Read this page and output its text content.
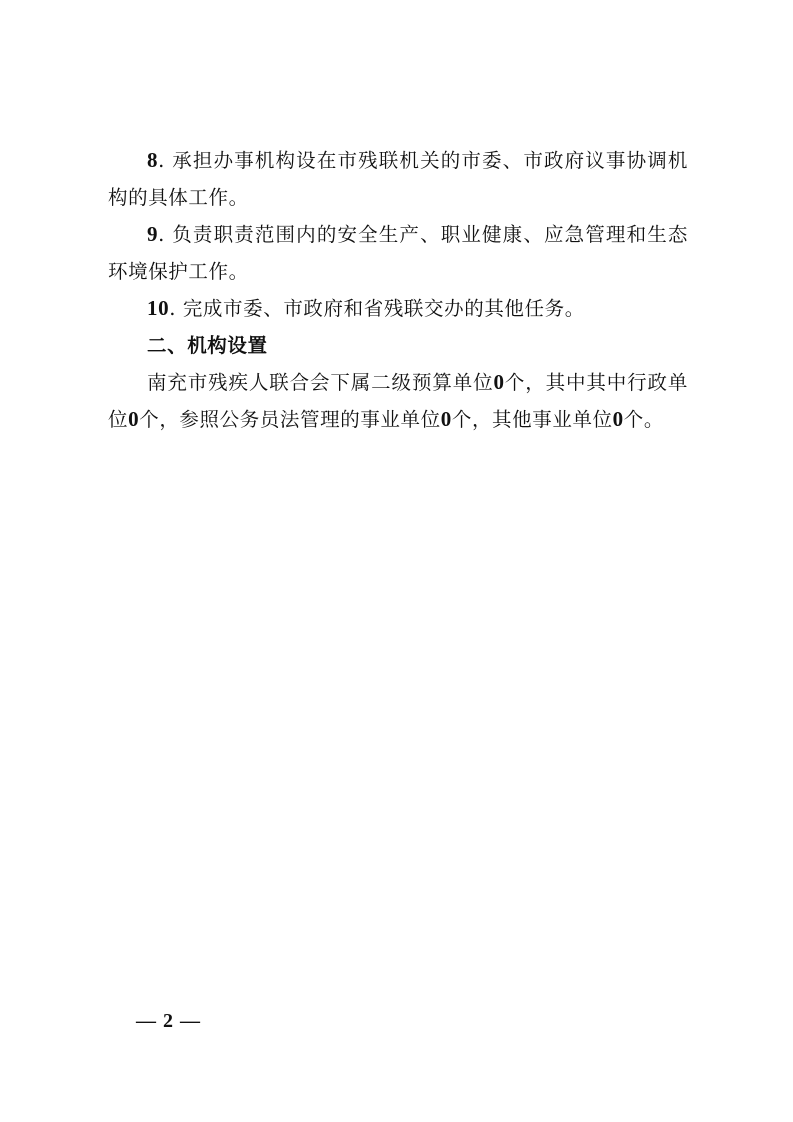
8. 承担办事机构设在市残联机关的市委、市政府议事协调机构的具体工作。

9. 负责职责范围内的安全生产、职业健康、应急管理和生态环境保护工作。

10. 完成市委、市政府和省残联交办的其他任务。

二、机构设置

南充市残疾人联合会下属二级预算单位0个，其中其中行政单位0个，参照公务员法管理的事业单位0个，其他事业单位0个。

— 2 —
